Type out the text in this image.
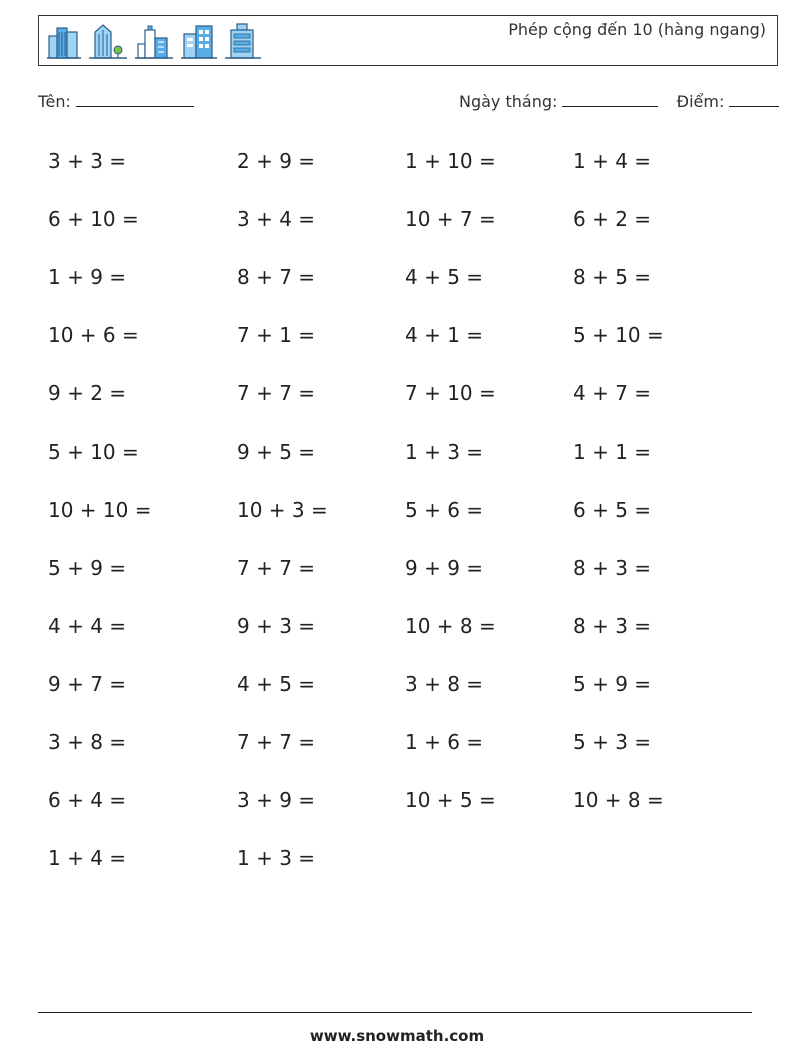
Phép cộng đến 10 (hàng ngang)
Tên:	Ngày tháng:	Điểm:
3 + 3 =	2 + 9 =	1 + 10 =	1 + 4 =
6 + 10 =	3 + 4 =	10 + 7 =	6 + 2 =
1 + 9 =	8 + 7 =	4 + 5 =	8 + 5 =
10 + 6 =	7 + 1 =	4 + 1 =	5 + 10 =
9 + 2 =	7 + 7 =	7 + 10 =	4 + 7 =
5 + 10 =	9 + 5 =	1 + 3 =	1 + 1 =
10 + 10 =	10 + 3 =	5 + 6 =	6 + 5 =
5 + 9 =	7 + 7 =	9 + 9 =	8 + 3 =
4 + 4 =	9 + 3 =	10 + 8 =	8 + 3 =
9 + 7 =	4 + 5 =	3 + 8 =	5 + 9 =
3 + 8 =	7 + 7 =	1 + 6 =	5 + 3 =
6 + 4 =	3 + 9 =	10 + 5 =	10 + 8 =
1 + 4 =	1 + 3 =
www.snowmath.com
